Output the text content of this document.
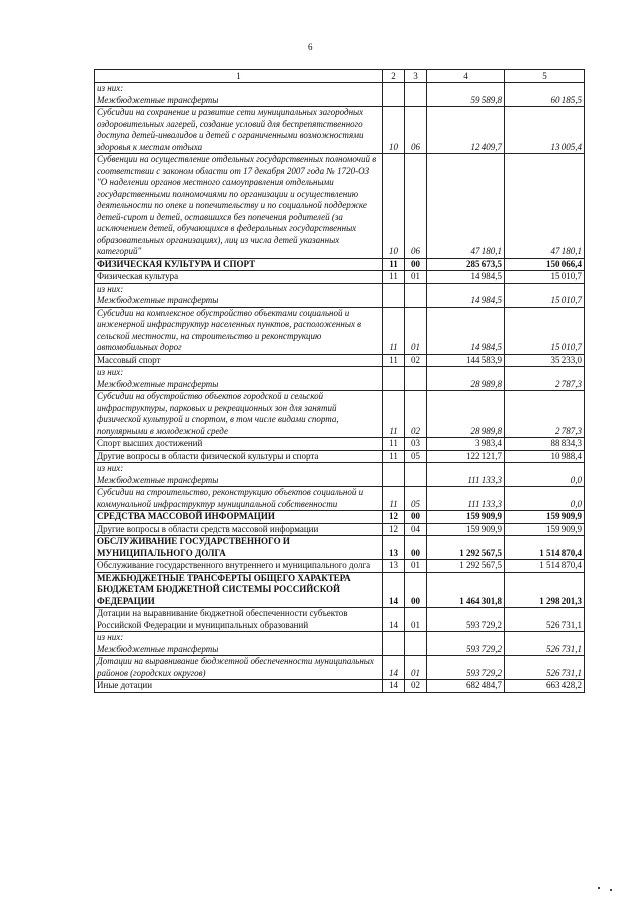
6
1	2	3	4	5
из них:
Межбюджетные трансферты			59 589,8	60 185,5
Субсидии на сохранение и развитие сети муниципальных загородных оздоровительных лагерей, создание условий для беспрепятственного доступа детей-инвалидов и детей с ограниченными возможностями здоровья к местам отдыха	10	06	12 409,7	13 005,4
Субвенции на осуществление отдельных государственных полномочий в соответствии с законом области от 17 декабря 2007 года № 1720-ОЗ "О наделении органов местного самоуправления отдельными государственными полномочиями по организации и осуществлению деятельности по опеке и попечительству и по социальной поддержке детей-сирот и детей, оставшихся без попечения родителей (за исключением детей, обучающихся в федеральных государственных образовательных организациях), лиц из числа детей указанных категорий"	10	06	47 180,1	47 180,1
ФИЗИЧЕСКАЯ КУЛЬТУРА И СПОРТ	11	00	285 673,5	150 066,4
Физическая культура	11	01	14 984,5	15 010,7
из них:
Межбюджетные трансферты			14 984,5	15 010,7
Субсидии на комплексное обустройство объектами социальной и инженерной инфраструктур населенных пунктов, расположенных в сельской местности, на строительство и реконструкцию автомобильных дорог	11	01	14 984,5	15 010,7
Массовый спорт	11	02	144 583,9	35 233,0
из них:
Межбюджетные трансферты			28 989,8	2 787,3
Субсидии на обустройство объектов городской и сельской инфраструктуры, парковых и рекреационных зон для занятий физической культурой и спортом, в том числе видами спорта, популярными в молодежной среде	11	02	28 989,8	2 787,3
Спорт высших достижений	11	03	3 983,4	88 834,3
Другие вопросы в области физической культуры и спорта	11	05	122 121,7	10 988,4
из них:
Межбюджетные трансферты			111 133,3	0,0
Субсидии на строительство, реконструкцию объектов социальной и коммунальной инфраструктур муниципальной собственности	11	05	111 133,3	0,0
СРЕДСТВА МАССОВОЙ ИНФОРМАЦИИ	12	00	159 909,9	159 909,9
Другие вопросы в области средств массовой информации	12	04	159 909,9	159 909,9
ОБСЛУЖИВАНИЕ ГОСУДАРСТВЕННОГО И МУНИЦИПАЛЬНОГО ДОЛГА	13	00	1 292 567,5	1 514 870,4
Обслуживание государственного внутреннего и муниципального долга	13	01	1 292 567,5	1 514 870,4
МЕЖБЮДЖЕТНЫЕ ТРАНСФЕРТЫ ОБЩЕГО ХАРАКТЕРА БЮДЖЕТАМ БЮДЖЕТНОЙ СИСТЕМЫ РОССИЙСКОЙ ФЕДЕРАЦИИ	14	00	1 464 301,8	1 298 201,3
Дотации на выравнивание бюджетной обеспеченности субъектов Российской Федерации и муниципальных образований	14	01	593 729,2	526 731,1
из них:
Межбюджетные трансферты			593 729,2	526 731,1
Дотации на выравнивание бюджетной обеспеченности муниципальных районов (городских округов)	14	01	593 729,2	526 731,1
Иные дотации	14	02	682 484,7	663 428,2
